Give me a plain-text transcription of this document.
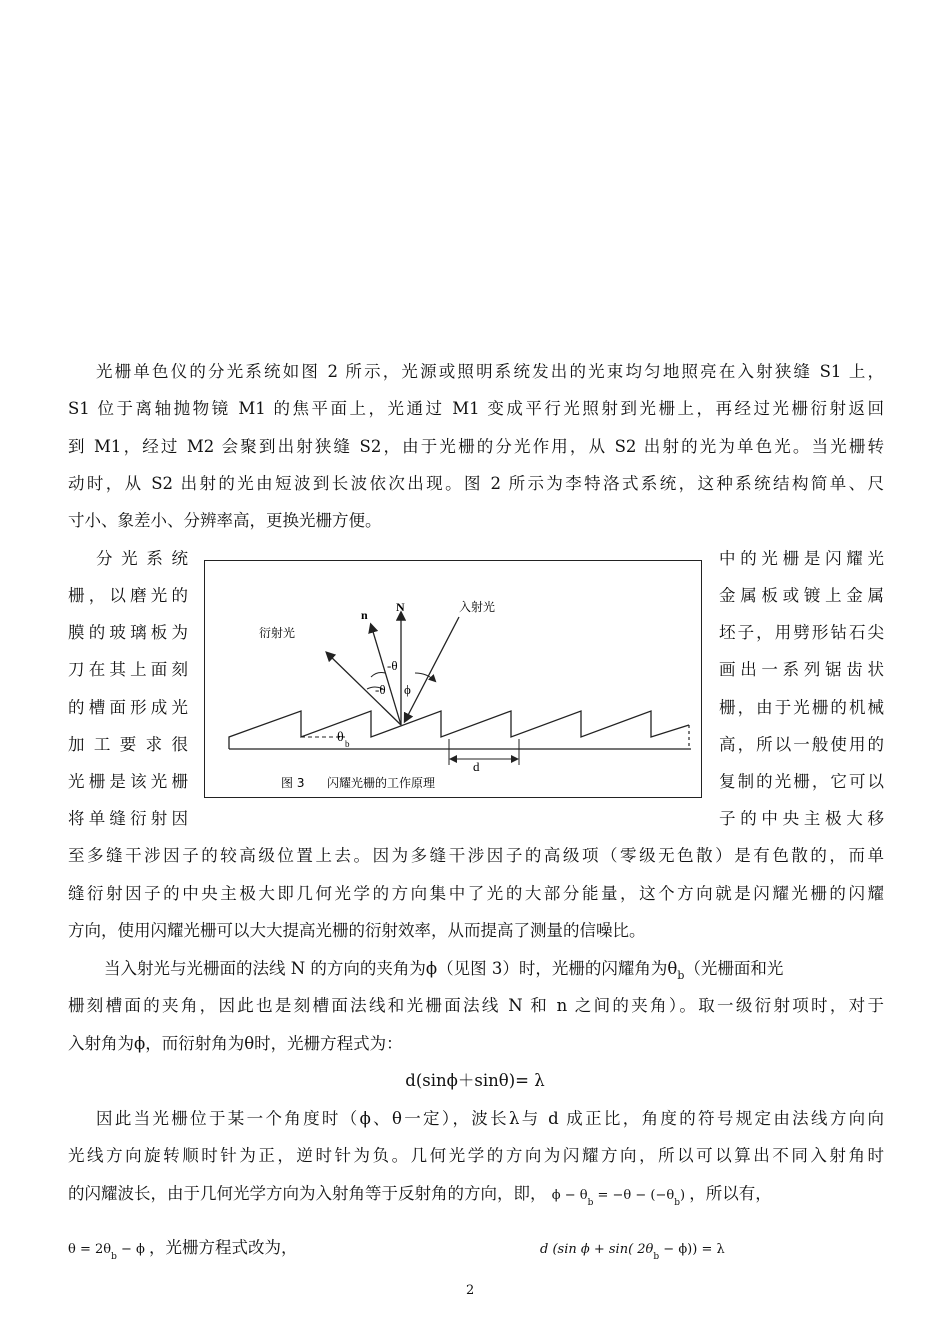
光栅单色仪的分光系统如图 2 所示，光源或照明系统发出的光束均匀地照亮在入射狭缝 S1 上，
S1 位于离轴抛物镜 M1 的焦平面上，光通过 M1 变成平行光照射到光栅上，再经过光栅衍射返回
到 M1，经过 M2 会聚到出射狭缝 S2，由于光栅的分光作用，从 S2 出射的光为单色光。当光栅转
动时，从 S2 出射的光由短波到长波依次出现。图 2 所示为李特洛式系统，这种系统结构简单、尺
寸小、象差小、分辨率高，更换光栅方便。
分 光 系 统
栅，以磨光的
膜的玻璃板为
刀在其上面刻
的槽面形成光
加 工 要 求 很
光栅是该光栅
将单缝衍射因
中的光栅是闪耀光
金属板或镀上金属
坯子，用劈形钻石尖
画出一系列锯齿状
栅，由于光栅的机械
高，所以一般使用的
复制的光栅，它可以
子的中央主极大移
n
N	入射光
衍射光
-θ
-θ ϕ
θ b
d
图 3 闪耀光栅的工作原理
至多缝干涉因子的较高级位置上去。因为多缝干涉因子的高级项（零级无色散）是有色散的，而单
缝衍射因子的中央主极大即几何光学的方向集中了光的大部分能量，这个方向就是闪耀光栅的闪耀
方向，使用闪耀光栅可以大大提高光栅的衍射效率，从而提高了测量的信噪比。
当入射光与光栅面的法线 N 的方向的夹角为ϕ（见图 3）时，光栅的闪耀角为$\theta_b$（光栅面和光
栅刻槽面的夹角，因此也是刻槽面法线和光栅面法线 N 和 n 之间的夹角）。取一级衍射项时，对于
入射角为ϕ，而衍射角为θ时，光栅方程式为：
d(sinϕ＋sinθ)= λ
因此当光栅位于某一个角度时（ϕ、θ一定），波长λ与 d 成正比，角度的符号规定由法线方向向
光线方向旋转顺时针为正，逆时针为负。几何光学的方向为闪耀方向，所以可以算出不同入射角时
的闪耀波长，由于几何光学方向为入射角等于反射角的方向，即， $\phi - \theta_b = -\theta - (-\theta_b)$ ，所以有，
$\theta = 2\theta_b - \phi$ ，光栅方程式改为，	d (sin ϕ + sin( $2\theta_b - \phi)) = \lambda$
2
